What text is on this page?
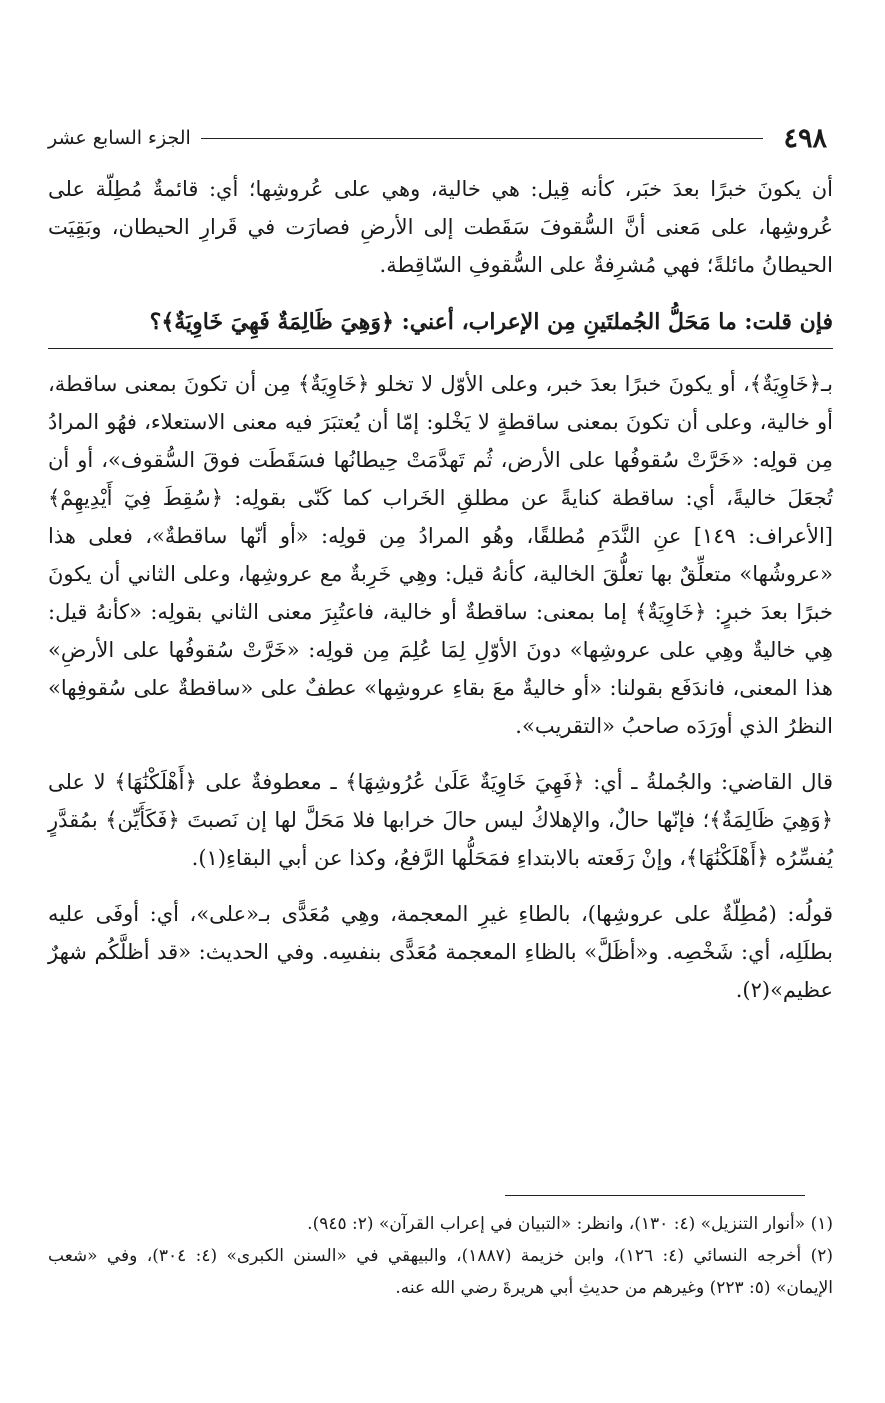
٤٩٨
الجزء السابع عشر

أن يكونَ خبرًا بعدَ خبَر، كأنه قِيل: هي خالية، وهي على عُروشِها؛ أي: قائمةٌ مُطِلّة على عُروشِها، على مَعنى أنَّ السُّقوفَ سَقَطت إلى الأرضِ فصارَت في قَرارِ الحيطان، وبَقِيَت الحيطانُ مائلةً؛ فهي مُشرِفةٌ على السُّقوفِ السّاقِطة.

فإن قلت: ما مَحَلُّ الجُملتَينِ مِن الإعراب، أعني: ﴿وَهِيَ ظَالِمَةٌ فَهِيَ خَاوِيَةٌ﴾؟

بـ﴿خَاوِيَةٌ﴾، أو يكونَ خبرًا بعدَ خبر، وعلى الأوّل لا تخلو ﴿خَاوِيَةٌ﴾ مِن أن تكونَ بمعنى ساقطة، أو خالية، وعلى أن تكونَ بمعنى ساقطةٍ لا يَخْلو: إمّا أن يُعتبَرَ فيه معنى الاستعلاء، فهُو المرادُ مِن قولِه: «خَرَّتْ سُقوفُها على الأرض، ثُم تَهدَّمَتْ حِيطانُها فسَقَطَت فوقَ السُّقوف»، أو أن تُجعَلَ خاليةً، أي: ساقطة كنايةً عن مطلقِ الخَراب كما كَنّى بقولِه: ﴿سُقِطَ فِيٓ أَيْدِيهِمْ﴾ [الأعراف: ١٤٩] عنِ النَّدَمِ مُطلقًا، وهُو المرادُ مِن قولِه: «أو أنّها ساقطةٌ»، فعلى هذا «عروشُها» متعلِّقٌ بها تعلُّقَ الخالية، كأنهُ قيل: وهِي خَرِبةٌ مع عروشِها، وعلى الثاني أن يكونَ خبرًا بعدَ خبرٍ: ﴿خَاوِيَةٌ﴾ إما بمعنى: ساقطةٌ أو خالية، فاعتُبِرَ معنى الثاني بقولِه: «كأنهُ قيل: هِي خاليةٌ وهِي على عروشِها» دونَ الأوّلِ لِمَا عُلِمَ مِن قولِه: «خَرَّتْ سُقوفُها على الأرضِ» هذا المعنى، فاندَفَع بقولنا: «أو خاليةٌ معَ بقاءِ عروشِها» عطفٌ على «ساقطةٌ على سُقوفِها» النظرُ الذي أورَدَه صاحبُ «التقريب».

قال القاضي: والجُملةُ ـ أي: ﴿فَهِيَ خَاوِيَةٌ عَلَىٰ عُرُوشِهَا﴾ ـ معطوفةٌ على ﴿أَهْلَكْنَٰهَا﴾ لا على ﴿وَهِيَ ظَالِمَةٌ﴾؛ فإنّها حالٌ، والإهلاكُ ليس حالَ خرابها فلا مَحَلَّ لها إن نَصبتَ ﴿فَكَأَيِّن﴾ بمُقدَّرٍ يُفسِّرُه ﴿أَهْلَكْنَٰهَا﴾، وإنْ رَفَعته بالابتداءِ فمَحَلُّها الرَّفعُ، وكذا عن أبي البقاءِ(١).

قولُه: (مُطِلّةٌ على عروشِها)، بالطاءِ غيرِ المعجمة، وهِي مُعَدًّى بـ«على»، أي: أوفَى عليه بطلَلِه، أي: شَخْصِه. و«أظَلَّ» بالظاءِ المعجمة مُعَدًّى بنفسِه. وفي الحديث: «قد أظلَّكُم شهرٌ عظيم»(٢).

(١) «أنوار التنزيل» (٤: ١٣٠)، وانظر: «التبيان في إعراب القرآن» (٢: ٩٤٥).

(٢) أخرجه النسائي (٤: ١٢٦)، وابن خزيمة (١٨٨٧)، والبيهقي في «السنن الكبرى» (٤: ٣٠٤)، وفي «شعب الإيمان» (٥: ٢٢٣) وغيرهم من حديثِ أبي هريرةَ رضي الله عنه.
